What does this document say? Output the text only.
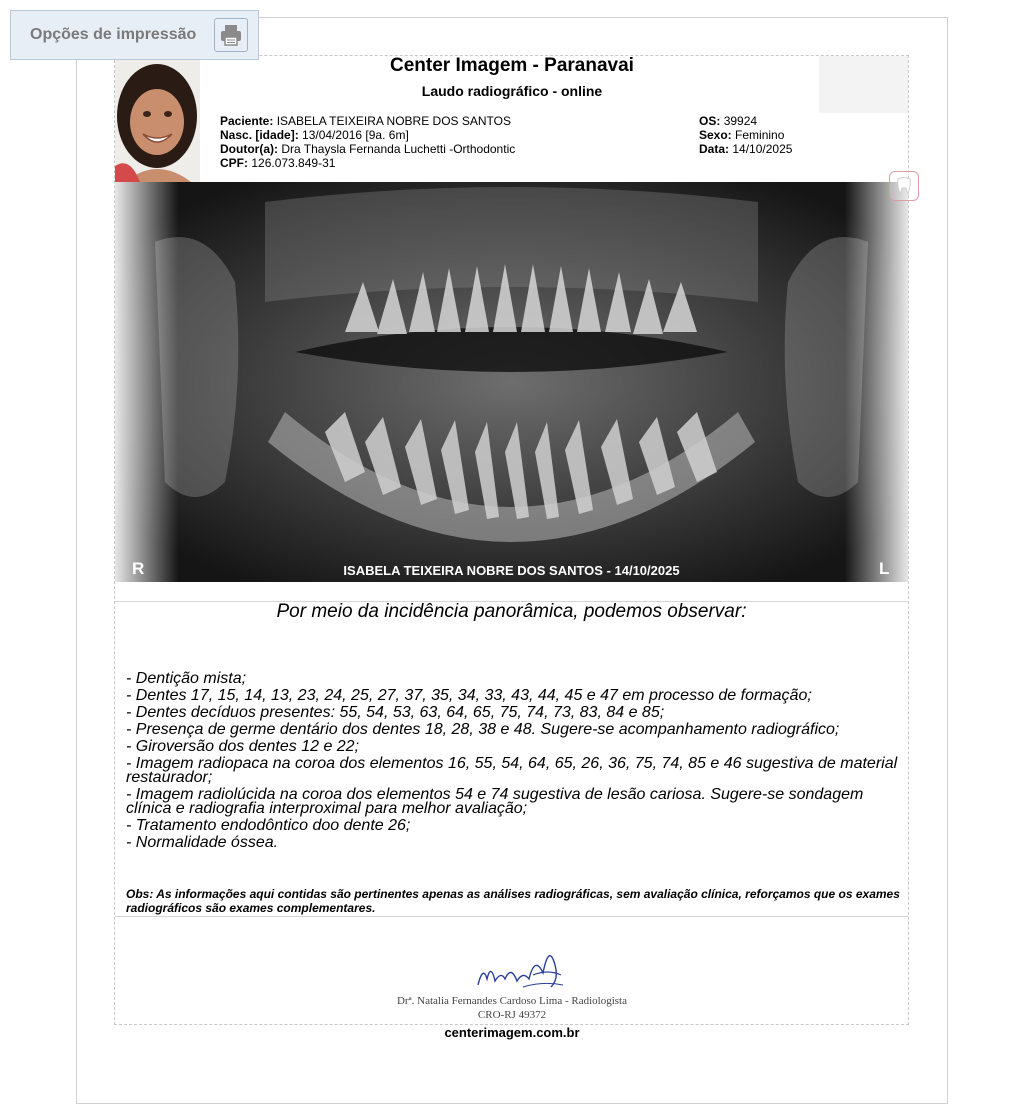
Opções de impressão
Center Imagem - Paranavai
Laudo radiográfico - online
Paciente: ISABELA TEIXEIRA NOBRE DOS SANTOS
Nasc. [idade]: 13/04/2016 [9a. 6m]
Doutor(a): Dra Thaysla Fernanda Luchetti -Orthodontic
CPF: 126.073.849-31
OS: 39924
Sexo: Feminino
Data: 14/10/2025
ISABELA TEIXEIRA NOBRE DOS SANTOS - 14/10/2025
R	L
Por meio da incidência panorâmica, podemos observar:
- Dentição mista;
- Dentes 17, 15, 14, 13, 23, 24, 25, 27, 37, 35, 34, 33, 43, 44, 45 e 47 em processo de formação;
- Dentes decíduos presentes: 55, 54, 53, 63, 64, 65, 75, 74, 73, 83, 84 e 85;
- Presença de germe dentário dos dentes 18, 28, 38 e 48. Sugere-se acompanhamento radiográfico;
- Giroversão dos dentes 12 e 22;
- Imagem radiopaca na coroa dos elementos 16, 55, 54, 64, 65, 26, 36, 75, 74, 85 e 46 sugestiva de material restaurador;
- Imagem radiolúcida na coroa dos elementos 54 e 74 sugestiva de lesão cariosa. Sugere-se sondagem clínica e radiografia interproximal para melhor avaliação;
- Tratamento endodôntico doo dente 26;
- Normalidade óssea.
Obs: As informações aqui contidas são pertinentes apenas as análises radiográficas, sem avaliação clínica, reforçamos que os exames radiográficos são exames complementares.
Drª. Natalia Fernandes Cardoso Lima - Radiologista
CRO-RJ 49372
centerimagem.com.br
